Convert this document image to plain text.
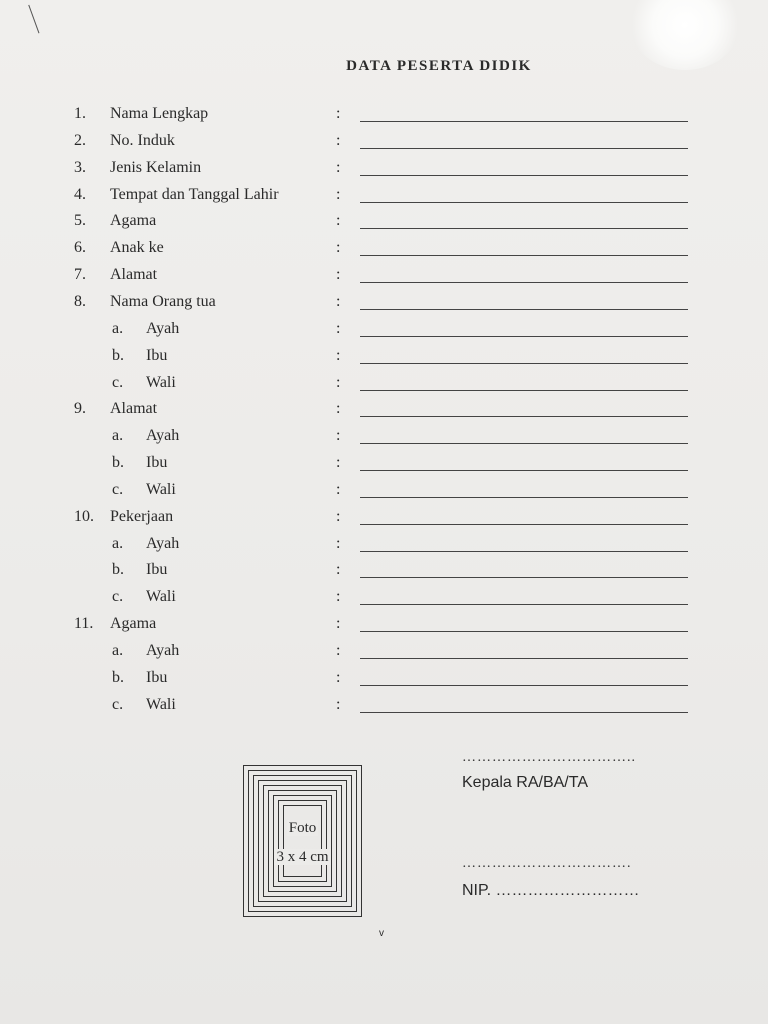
DATA PESERTA DIDIK
1. Nama Lengkap	:
2. No. Induk	:
3. Jenis Kelamin	:
4. Tempat dan Tanggal Lahir	:
5. Agama	:
6. Anak ke	:
7. Alamat	:
8. Nama Orang tua	:
a. Ayah	:
b. Ibu	:
c. Wali	:
9. Alamat	:
a. Ayah	:
b. Ibu	:
c. Wali	:
10. Pekerjaan	:
a. Ayah	:
b. Ibu	:
c. Wali	:
11. Agama	:
a. Ayah	:
b. Ibu	:
c. Wali	:
Foto
3 x 4 cm
……………………………..
Kepala RA/BA/TA
…………………………….
NIP. ………………………
v
